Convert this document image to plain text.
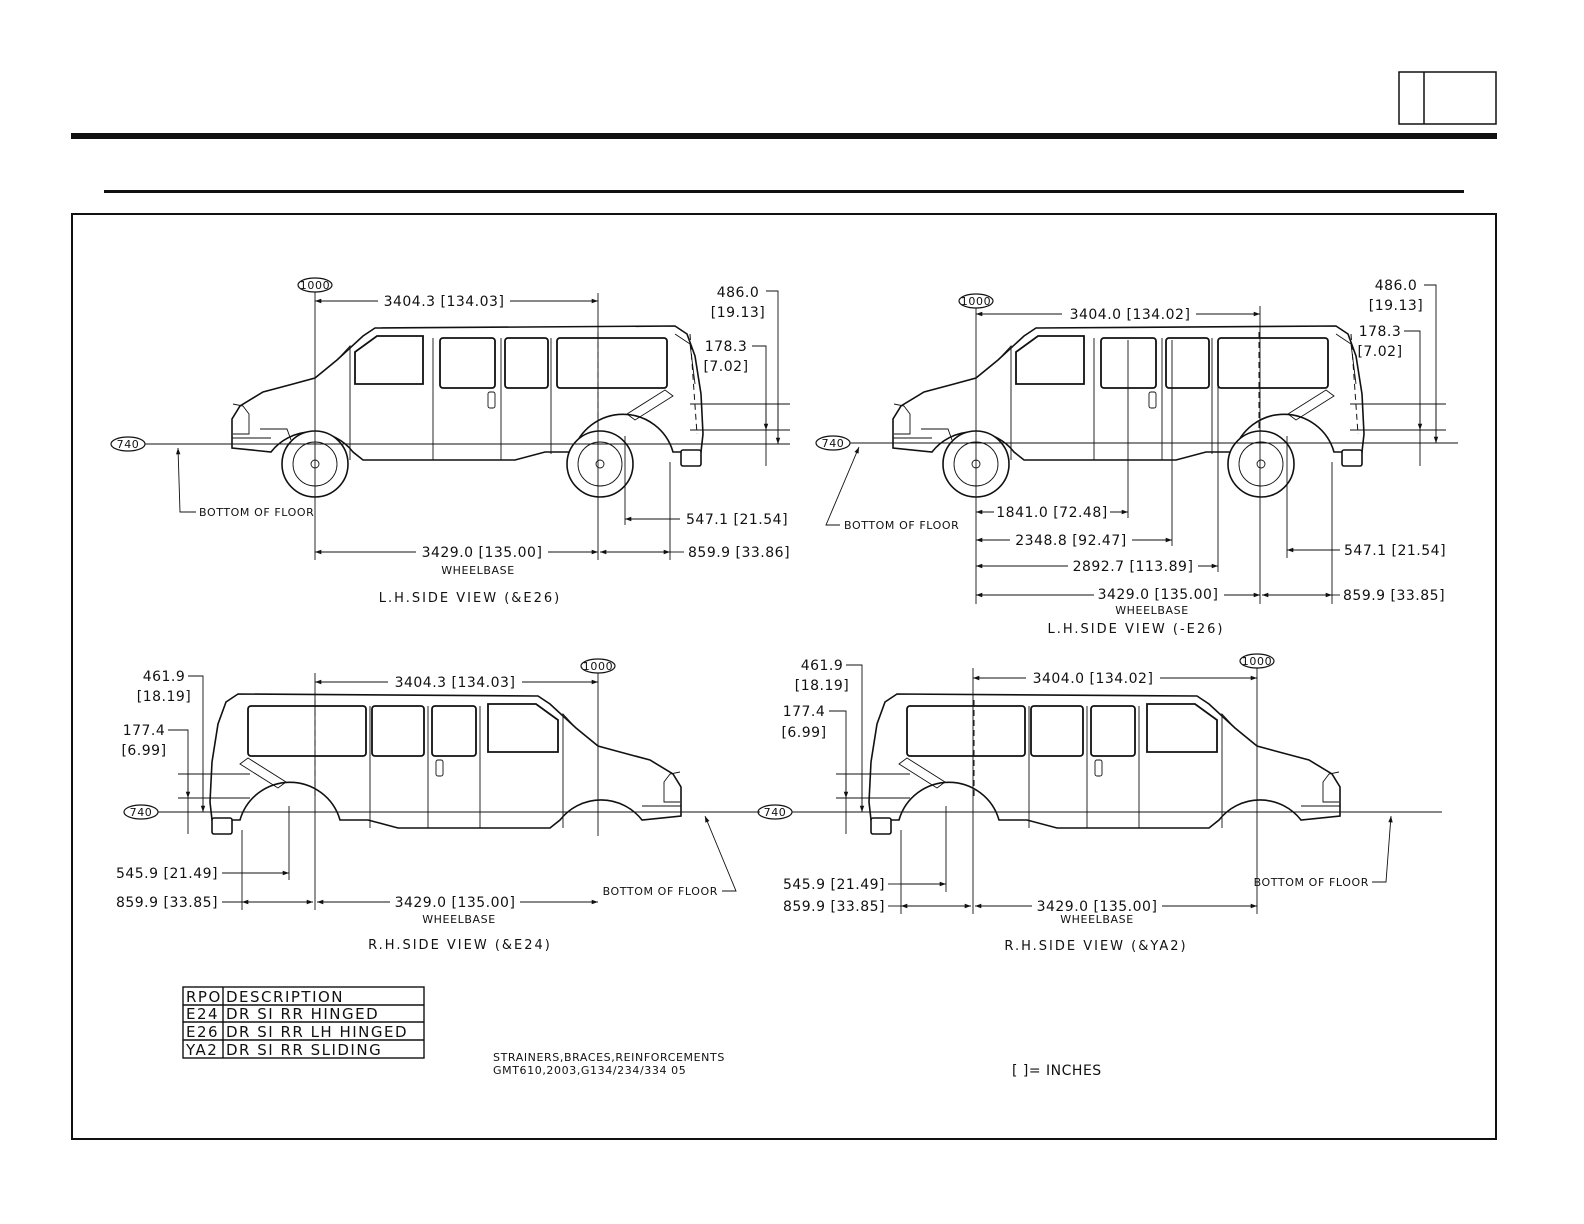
1000
740
3404.3 [134.03]
486.0
[19.13]
178.3
[7.02]
BOTTOM OF FLOOR	547.1 [21.54]
3429.0 [135.00]
WHEELBASE
859.9 [33.86]
L.H.SIDE VIEW (&E26)
1000
740
3404.0 [134.02]
486.0
[19.13]
178.3
[7.02]
BOTTOM OF FLOOR
1841.0 [72.48]
2348.8 [92.47]
2892.7 [113.89]
547.1 [21.54]
3429.0 [135.00]
WHEELBASE
859.9 [33.85]
L.H.SIDE VIEW (-E26)
1000
740
3404.3 [134.03]
461.9
[18.19]
177.4
[6.99]
BOTTOM OF FLOOR
545.9 [21.49]
859.9 [33.85]	3429.0 [135.00]
WHEELBASE
R.H.SIDE VIEW (&E24)
1000
740
3404.0 [134.02]
461.9
[18.19]
177.4
[6.99]
BOTTOM OF FLOOR
545.9 [21.49]
859.9 [33.85]	3429.0 [135.00]
WHEELBASE
R.H.SIDE VIEW (&YA2)
RPO DESCRIPTION
E24 DR SI RR HINGED
E26 DR SI RR LH HINGED
YA2 DR SI RR SLIDING	STRAINERS,BRACES,REINFORCEMENTS
GMT610,2003,G134/234/334 05	[ ]= INCHES
